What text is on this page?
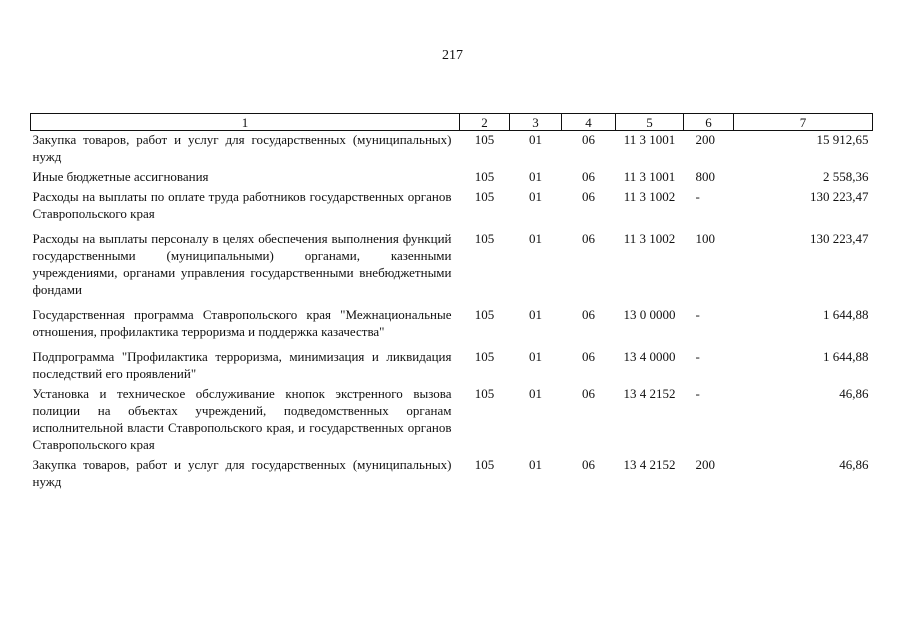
217
1	2	3	4	5	6	7
Закупка товаров, работ и услуг для государственных (муниципальных) нужд	105	01	06	11 3 1001	200	15 912,65
Иные бюджетные ассигнования	105	01	06	11 3 1001	800	2 558,36
Расходы на выплаты по оплате труда работников государственных органов Ставропольского края	105	01	06	11 3 1002	-	130 223,47
Расходы на выплаты персоналу в целях обеспечения выполнения функций государственными (муниципальными) органами, казенными учреждениями, органами управления государственными внебюджетными фондами	105	01	06	11 3 1002	100	130 223,47
Государственная программа Ставропольского края "Межнациональные отношения, профилактика терроризма и поддержка казачества"	105	01	06	13 0 0000	-	1 644,88
Подпрограмма "Профилактика терроризма, минимизация и ликвидация последствий его проявлений"	105	01	06	13 4 0000	-	1 644,88
Установка и техническое обслуживание кнопок экстренного вызова полиции на объектах учреждений, подведомственных органам исполнительной власти Ставропольского края, и государственных органов Ставропольского края	105	01	06	13 4 2152	-	46,86
Закупка товаров, работ и услуг для государственных (муниципальных) нужд	105	01	06	13 4 2152	200	46,86
